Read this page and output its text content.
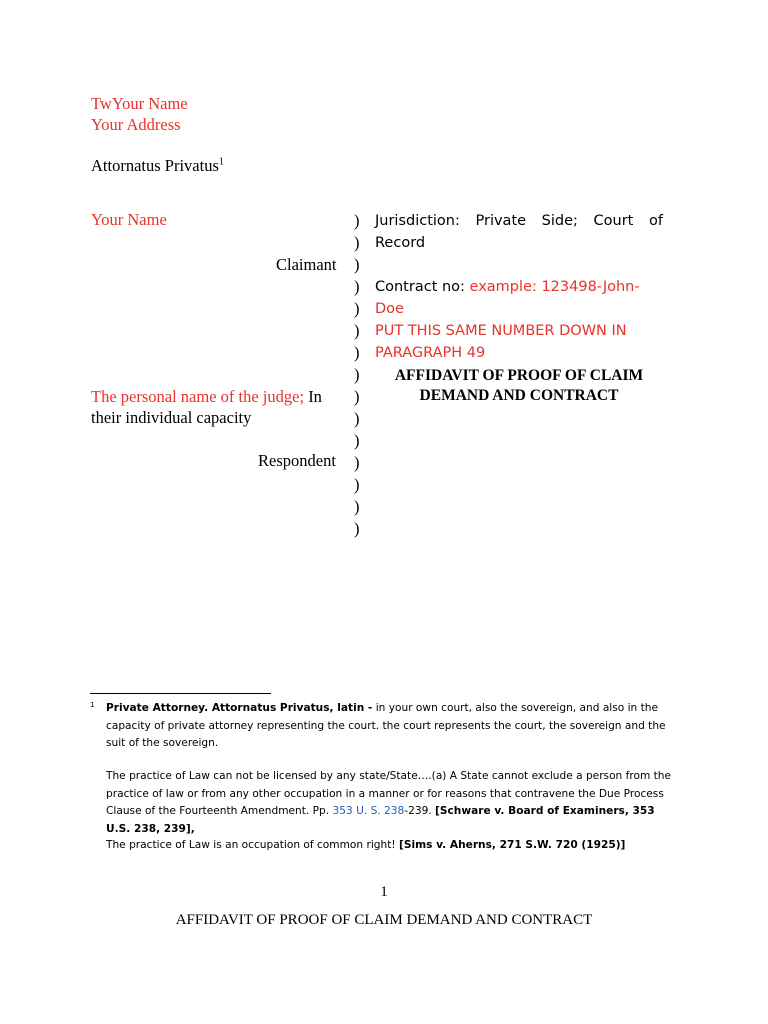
TwYour Name
Your Address
Attornatus Privatus$^1$
Your Name
Claimant
The personal name of the judge; In
their individual capacity
Respondent
)
)
)
)
)
)
)
)
)
)
)
)
)
)
)
Jurisdiction: Private Side; Court of
Record
Contract no: example: 123498-John-Doe
PUT THIS SAME NUMBER DOWN IN
PARAGRAPH 49
AFFIDAVIT OF PROOF OF CLAIM
DEMAND AND CONTRACT
1 Private Attorney. Attornatus Privatus, latin - in your own court, also the sovereign, and also in the capacity of private attorney representing the court. the court represents the court, the sovereign and the suit of the sovereign.
The practice of Law can not be licensed by any state/State….(a) A State cannot exclude a person from the practice of law or from any other occupation in a manner or for reasons that contravene the Due Process Clause of the Fourteenth Amendment. Pp. 353 U. S. 238-239. [Schware v. Board of Examiners, 353 U.S. 238, 239],
The practice of Law is an occupation of common right! [Sims v. Aherns, 271 S.W. 720 (1925)]
1
AFFIDAVIT OF PROOF OF CLAIM DEMAND AND CONTRACT
